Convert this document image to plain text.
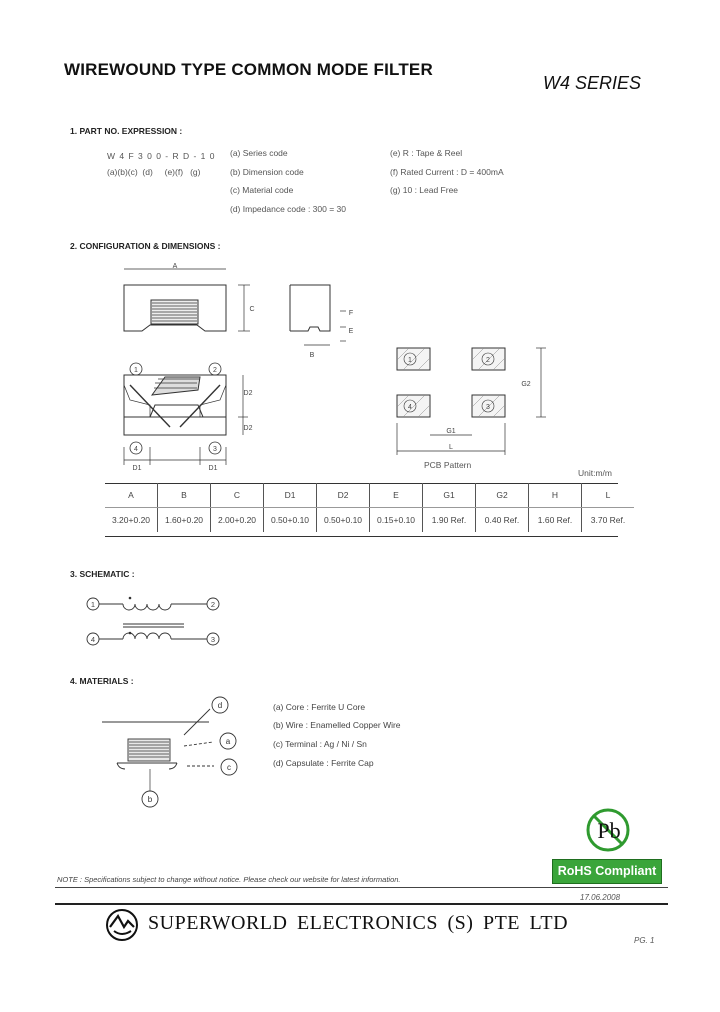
WIREWOUND TYPE COMMON MODE FILTER
W4 SERIES
1. PART NO. EXPRESSION :
W 4 F 3 0 0 - R D - 1 0
(a)(b)(c)  (d)     (e)(f)   (g)
(a) Series code
(b) Dimension code
(c) Material code
(d) Impedance code : 300 = 30
(e) R : Tape & Reel
(f) Rated Current : D = 400mA
(g) 10 : Lead Free
2. CONFIGURATION & DIMENSIONS :
A
C
B
F
E
D2
D2
D1	D1
G1
G2
L
1	2
3
4
1	2
4	3
PCB Pattern
Unit:m/m
A	B	C	D1	D2	E	G1	G2	H	L
3.20+0.20	1.60+0.20	2.00+0.20	0.50+0.10	0.50+0.10	0.15+0.10	1.90 Ref.	0.40 Ref.	1.60 Ref.	3.70 Ref.
3. SCHEMATIC :
1	2
4	3
4. MATERIALS :
d
a
c
b
(a) Core : Ferrite U Core
(b) Wire : Enamelled Copper Wire
(c) Terminal : Ag / Ni / Sn
(d) Capsulate : Ferrite Cap
Pb
RoHS Compliant
NOTE : Specifications subject to change without notice. Please check our website for latest information.
17.06.2008
SUPERWORLD ELECTRONICS (S) PTE LTD
PG. 1
